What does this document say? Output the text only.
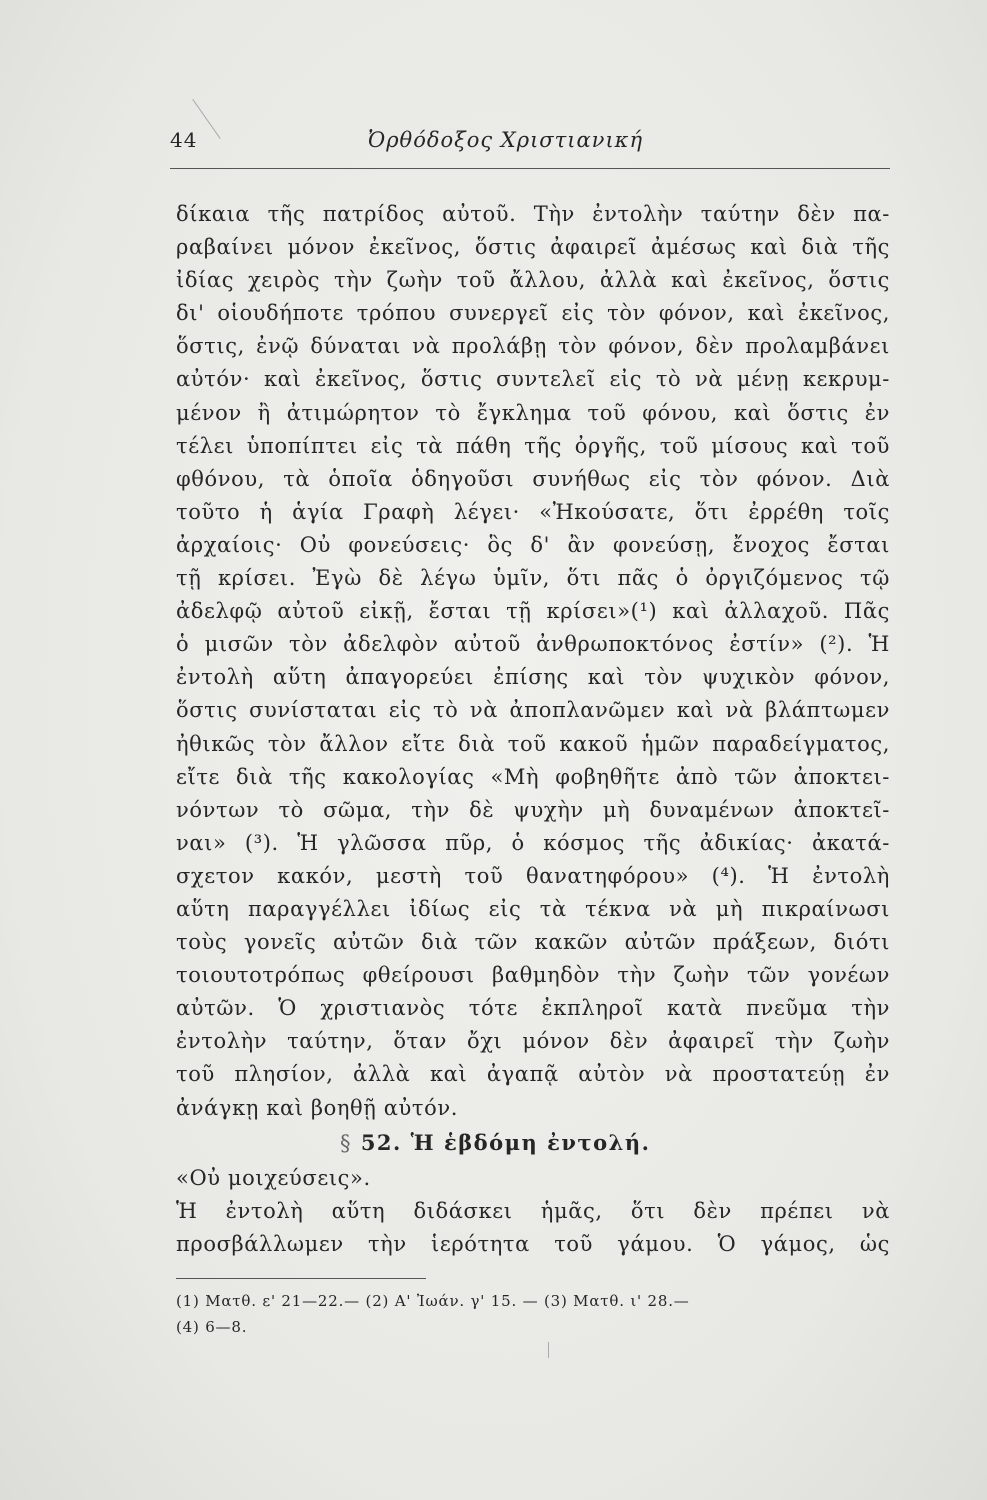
44	Ὀρθόδοξος Χριστιανική
δίκαια τῆς πατρίδος αὐτοῦ. Τὴν ἐντολὴν ταύτην δὲν πα-
ραβαίνει μόνον ἐκεῖνος, ὅστις ἀφαιρεῖ ἀμέσως καὶ διὰ τῆς
ἰδίας χειρὸς τὴν ζωὴν τοῦ ἄλλου, ἀλλὰ καὶ ἐκεῖνος, ὅστις
δι' οἱουδήποτε τρόπου συνεργεῖ εἰς τὸν φόνον, καὶ ἐκεῖνος,
ὅστις, ἐνῷ δύναται νὰ προλάβῃ τὸν φόνον, δὲν προλαμβάνει
αὐτόν· καὶ ἐκεῖνος, ὅστις συντελεῖ εἰς τὸ νὰ μένῃ κεκρυμ-
μένον ἢ ἀτιμώρητον τὸ ἔγκλημα τοῦ φόνου, καὶ ὅστις ἐν
τέλει ὑποπίπτει εἰς τὰ πάθη τῆς ὀργῆς, τοῦ μίσους καὶ τοῦ
φθόνου, τὰ ὁποῖα ὁδηγοῦσι συνήθως εἰς τὸν φόνον. Διὰ
τοῦτο ἡ ἁγία Γραφὴ λέγει· «Ἠκούσατε, ὅτι ἐρρέθη τοῖς
ἀρχαίοις· Οὐ φονεύσεις· ὃς δ' ἂν φονεύσῃ, ἔνοχος ἔσται
τῇ κρίσει. Ἐγὼ δὲ λέγω ὑμῖν, ὅτι πᾶς ὁ ὀργιζόμενος τῷ
ἀδελφῷ αὐτοῦ εἰκῇ, ἔσται τῇ κρίσει»(¹) καὶ ἀλλαχοῦ. Πᾶς
ὁ μισῶν τὸν ἀδελφὸν αὐτοῦ ἀνθρωποκτόνος ἐστίν» (²). Ἡ
ἐντολὴ αὕτη ἀπαγορεύει ἐπίσης καὶ τὸν ψυχικὸν φόνον,
ὅστις συνίσταται εἰς τὸ νὰ ἀποπλανῶμεν καὶ νὰ βλάπτωμεν
ἠθικῶς τὸν ἄλλον εἴτε διὰ τοῦ κακοῦ ἡμῶν παραδείγματος,
εἴτε διὰ τῆς κακολογίας «Μὴ φοβηθῆτε ἀπὸ τῶν ἀποκτει-
νόντων τὸ σῶμα, τὴν δὲ ψυχὴν μὴ δυναμένων ἀποκτεῖ-
ναι» (³). Ἡ γλῶσσα πῦρ, ὁ κόσμος τῆς ἀδικίας· ἀκατά-
σχετον κακόν, μεστὴ τοῦ θανατηφόρου» (⁴). Ἡ ἐντολὴ
αὕτη παραγγέλλει ἰδίως εἰς τὰ τέκνα νὰ μὴ πικραίνωσι
τοὺς γονεῖς αὐτῶν διὰ τῶν κακῶν αὐτῶν πράξεων, διότι
τοιουτοτρόπως φθείρουσι βαθμηδὸν τὴν ζωὴν τῶν γονέων
αὐτῶν. Ὁ χριστιανὸς τότε ἐκπληροῖ κατὰ πνεῦμα τὴν
ἐντολὴν ταύτην, ὅταν ὄχι μόνον δὲν ἀφαιρεῖ τὴν ζωὴν
τοῦ πλησίον, ἀλλὰ καὶ ἀγαπᾷ αὐτὸν νὰ προστατεύῃ ἐν
ἀνάγκῃ καὶ βοηθῇ αὐτόν.
§ 52. Ἡ ἑβδόμη ἐντολή.
«Οὐ μοιχεύσεις».
Ἡ ἐντολὴ αὕτη διδάσκει ἡμᾶς, ὅτι δὲν πρέπει νὰ
προσβάλλωμεν τὴν ἱερότητα τοῦ γάμου. Ὁ γάμος, ὡς
(1) Ματθ. ε' 21—22.— (2) Α' Ἰωάν. γ' 15. — (3) Ματθ. ι' 28.—
(4) 6—8.
